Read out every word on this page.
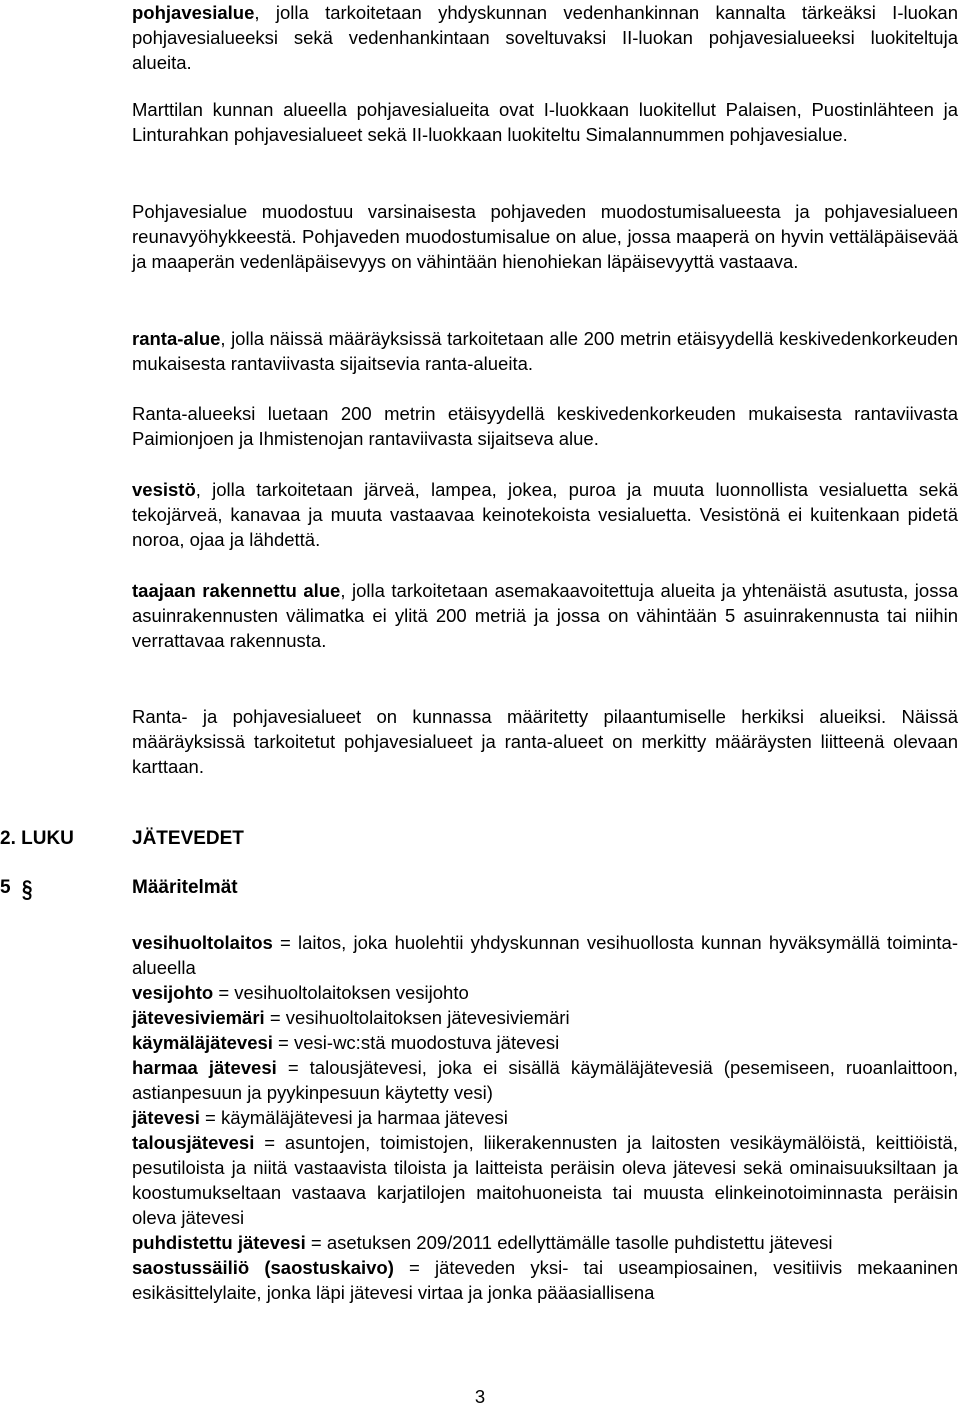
pohjavesialue, jolla tarkoitetaan yhdyskunnan vedenhankinnan kannalta tärkeäksi I-luokan pohjavesialueeksi sekä vedenhankintaan soveltuvaksi II-luokan pohjavesialueeksi luokiteltuja alueita.

Marttilan kunnan alueella pohjavesialueita ovat I-luokkaan luokitellut Palaisen, Puostinlähteen ja Linturahkan pohjavesialueet sekä II-luokkaan luokiteltu Simalannummen pohjavesialue.

Pohjavesialue muodostuu varsinaisesta pohjaveden muodostumisalueesta ja pohjavesialueen reunavyöhykkeestä. Pohjaveden muodostumisalue on alue, jossa maaperä on hyvin vettäläpäisevää ja maaperän vedenläpäisevyys on vähintään hienohiekan läpäisevyyttä vastaava.

ranta-alue, jolla näissä määräyksissä tarkoitetaan alle 200 metrin etäisyydellä keskivedenkorkeuden mukaisesta rantaviivasta sijaitsevia ranta-alueita.

Ranta-alueeksi luetaan 200 metrin etäisyydellä keskivedenkorkeuden mukaisesta rantaviivasta Paimionjoen ja Ihmistenojan rantaviivasta sijaitseva alue.

vesistö, jolla tarkoitetaan järveä, lampea, jokea, puroa ja muuta luonnollista vesialuetta sekä tekojärveä, kanavaa ja muuta vastaavaa keinotekoista vesialuetta. Vesistönä ei kuitenkaan pidetä noroa, ojaa ja lähdettä.

taajaan rakennettu alue, jolla tarkoitetaan asemakaavoitettuja alueita ja yhtenäistä asutusta, jossa asuinrakennusten välimatka ei ylitä 200 metriä ja jossa on vähintään 5 asuinrakennusta tai niihin verrattavaa rakennusta.

Ranta- ja pohjavesialueet on kunnassa määritetty pilaantumiselle herkiksi alueiksi. Näissä määräyksissä tarkoitetut pohjavesialueet ja ranta-alueet on merkitty määräysten liitteenä olevaan karttaan.

2. LUKU	JÄTEVEDET
5 §	Määritelmät

vesihuoltolaitos = laitos, joka huolehtii yhdyskunnan vesihuollosta kunnan hyväksymällä toiminta-alueella

vesijohto = vesihuoltolaitoksen vesijohto

jätevesiviemäri = vesihuoltolaitoksen jätevesiviemäri

käymäläjätevesi = vesi-wc:stä muodostuva jätevesi

harmaa jätevesi = talousjätevesi, joka ei sisällä käymäläjätevesiä (pesemiseen, ruoanlaittoon, astianpesuun ja pyykinpesuun käytetty vesi)

jätevesi = käymäläjätevesi ja harmaa jätevesi

talousjätevesi = asuntojen, toimistojen, liikerakennusten ja laitosten vesikäymälöistä, keittiöistä, pesutiloista ja niitä vastaavista tiloista ja laitteista peräisin oleva jätevesi sekä ominaisuuksiltaan ja koostumukseltaan vastaava karjatilojen maitohuoneista tai muusta elinkeinotoiminnasta peräisin oleva jätevesi

puhdistettu jätevesi = asetuksen 209/2011 edellyttämälle tasolle puhdistettu jätevesi

saostussäiliö (saostuskaivo) = jäteveden yksi- tai useampiosainen, vesitiivis mekaaninen esikäsittelylaite, jonka läpi jätevesi virtaa ja jonka pääasiallisena

3
